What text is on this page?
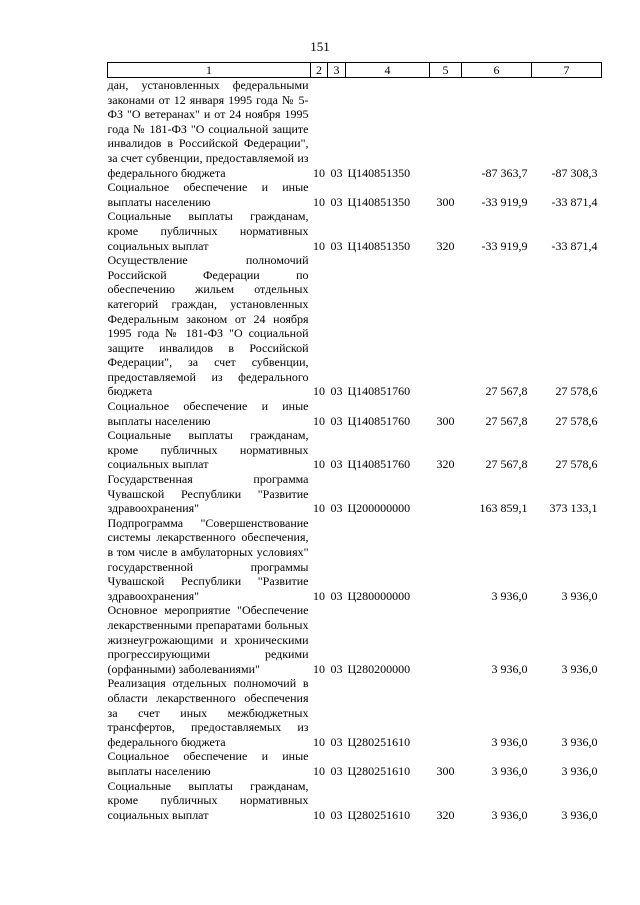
151
1	2	3	4	5	6	7
дан, установленных федеральными законами от 12 января 1995 года № 5-ФЗ "О ветеранах" и от 24 ноября 1995 года № 181-ФЗ "О социальной защите инвалидов в Российской Федерации", за счет субвенции, предоставляемой из федерального бюджета	10	03	Ц140851350		-87 363,7	-87 308,3
Социальное обеспечение и иные выплаты населению	10	03	Ц140851350	300	-33 919,9	-33 871,4
Социальные выплаты гражданам, кроме публичных нормативных социальных выплат	10	03	Ц140851350	320	-33 919,9	-33 871,4
Осуществление полномочий Российской Федерации по обеспечению жильем отдельных категорий граждан, установленных Федеральным законом от 24 ноября 1995 года № 181-ФЗ "О социальной защите инвалидов в Российской Федерации", за счет субвенции, предоставляемой из федерального бюджета	10	03	Ц140851760		27 567,8	27 578,6
Социальное обеспечение и иные выплаты населению	10	03	Ц140851760	300	27 567,8	27 578,6
Социальные выплаты гражданам, кроме публичных нормативных социальных выплат	10	03	Ц140851760	320	27 567,8	27 578,6
Государственная программа Чувашской Республики "Развитие здравоохранения"	10	03	Ц200000000		163 859,1	373 133,1
Подпрограмма "Совершенствование системы лекарственного обеспечения, в том числе в амбулаторных условиях" государственной программы Чувашской Республики "Развитие здравоохранения"	10	03	Ц280000000		3 936,0	3 936,0
Основное мероприятие "Обеспечение лекарственными препаратами больных жизнеугрожающими и хроническими прогрессирующими редкими (орфанными) заболеваниями"	10	03	Ц280200000		3 936,0	3 936,0
Реализация отдельных полномочий в области лекарственного обеспечения за счет иных межбюджетных трансфертов, предоставляемых из федерального бюджета	10	03	Ц280251610		3 936,0	3 936,0
Социальное обеспечение и иные выплаты населению	10	03	Ц280251610	300	3 936,0	3 936,0
Социальные выплаты гражданам, кроме публичных нормативных социальных выплат	10	03	Ц280251610	320	3 936,0	3 936,0
